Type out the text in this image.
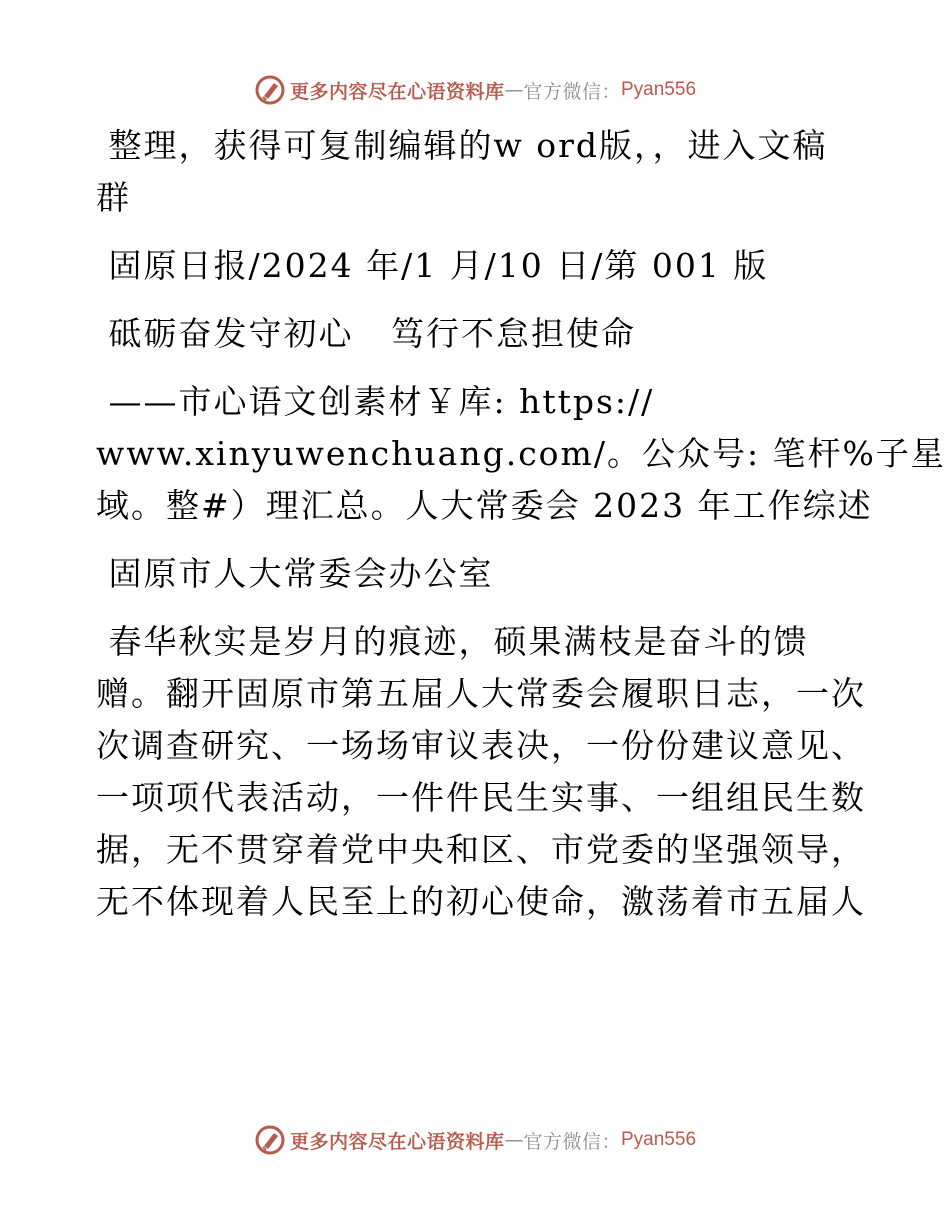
更多内容尽在心语资料库 — 官方微信： Pyan556
整理，获得可复制编辑的w ord版，，进入文稿
群
固原日报/2024 年/1 月/10 日/第 001 版
砥砺奋发守初心   笃行不怠担使命
——市心语文创素材￥库: https://
www.xinyuwenchuang.com/。公众号: 笔杆%子星
域。整#）理汇总。人大常委会 2023 年工作综述
固原市人大常委会办公室
春华秋实是岁月的痕迹，硕果满枝是奋斗的馈
赠。翻开固原市第五届人大常委会履职日志，一次
次调查研究、一场场审议表决，一份份建议意见、
一项项代表活动，一件件民生实事、一组组民生数
据，无不贯穿着党中央和区、市党委的坚强领导，
无不体现着人民至上的初心使命，激荡着市五届人
更多内容尽在心语资料库 — 官方微信： Pyan556
